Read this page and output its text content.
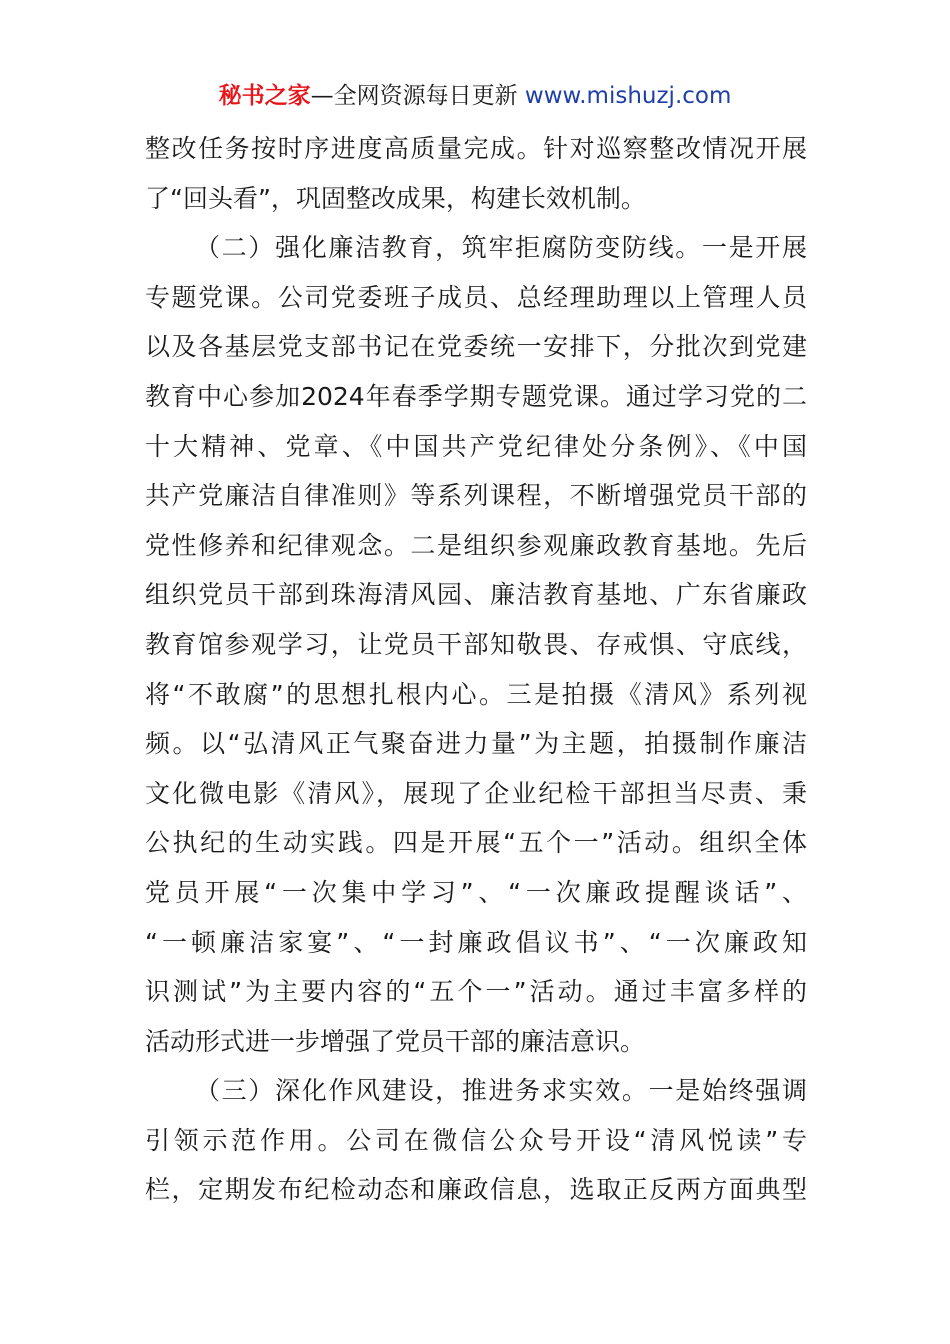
秘书之家—全网资源每日更新 www.mishuzj.com
整改任务按时序进度高质量完成。针对巡察整改情况开展
了“回头看”，巩固整改成果，构建长效机制。
（二）强化廉洁教育，筑牢拒腐防变防线。一是开展
专题党课。公司党委班子成员、总经理助理以上管理人员
以及各基层党支部书记在党委统一安排下，分批次到党建
教育中心参加2024年春季学期专题党课。通过学习党的二
十大精神、党章、《中国共产党纪律处分条例》、《中国
共产党廉洁自律准则》等系列课程，不断增强党员干部的
党性修养和纪律观念。二是组织参观廉政教育基地。先后
组织党员干部到珠海清风园、廉洁教育基地、广东省廉政
教育馆参观学习，让党员干部知敬畏、存戒惧、守底线，
将“不敢腐”的思想扎根内心。三是拍摄《清风》系列视
频。以“弘清风正气聚奋进力量”为主题，拍摄制作廉洁
文化微电影《清风》，展现了企业纪检干部担当尽责、秉
公执纪的生动实践。四是开展“五个一”活动。组织全体
党员开展“一次集中学习”、“一次廉政提醒谈话”、
“一顿廉洁家宴”、“一封廉政倡议书”、“一次廉政知
识测试”为主要内容的“五个一”活动。通过丰富多样的
活动形式进一步增强了党员干部的廉洁意识。
（三）深化作风建设，推进务求实效。一是始终强调
引领示范作用。公司在微信公众号开设“清风悦读”专
栏，定期发布纪检动态和廉政信息，选取正反两方面典型
